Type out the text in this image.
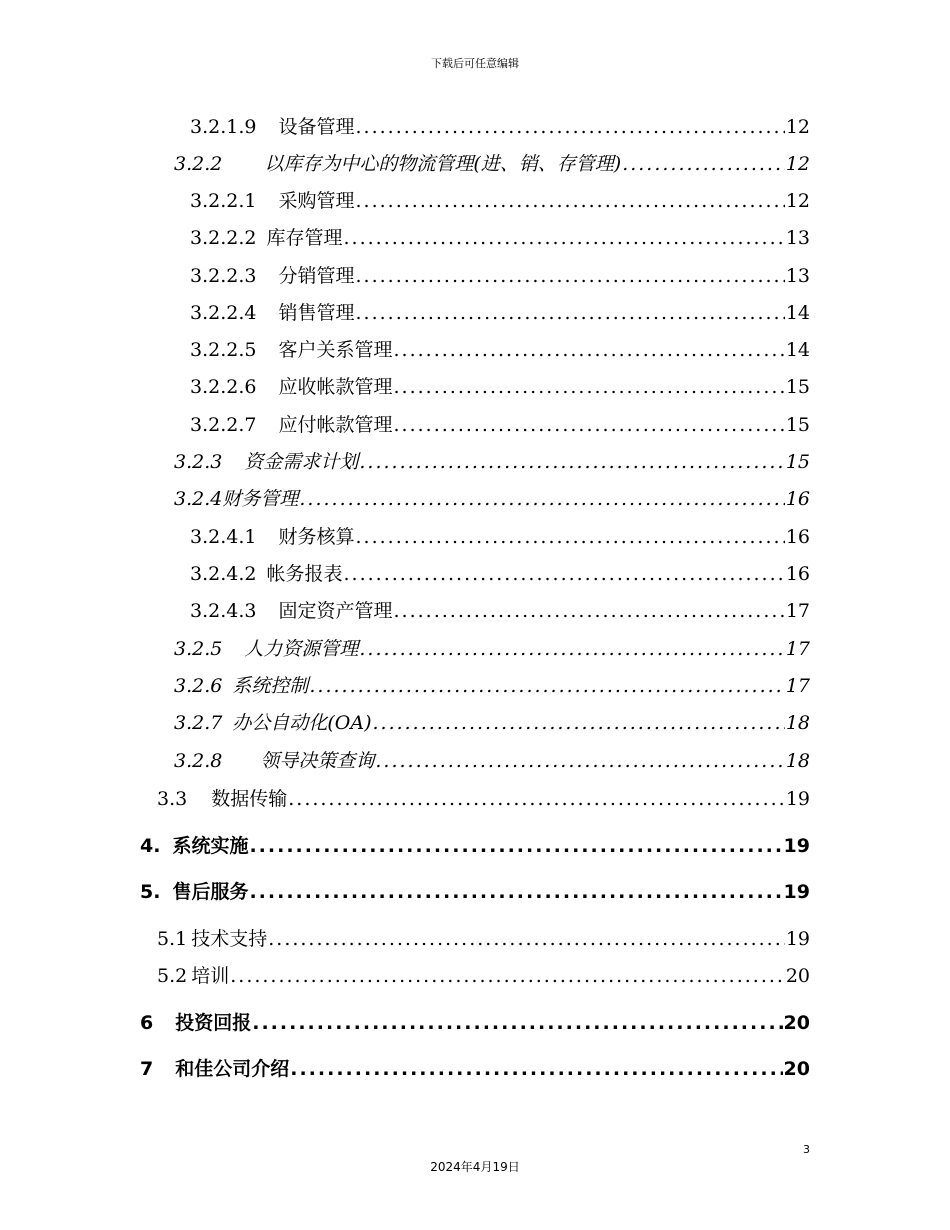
下载后可任意编辑
3.2.1.9 设备管理 .....	12
3.2.2 以库存为中心的物流管理(进、销、存管理) .....	12
3.2.2.1 采购管理 .....	12
3.2.2.2 库存管理 .....	13
3.2.2.3 分销管理 .....	13
3.2.2.4 销售管理 .....	14
3.2.2.5 客户关系管理 .....	14
3.2.2.6 应收帐款管理 .....	15
3.2.2.7 应付帐款管理 .....	15
3.2.3 资金需求计划 .....	15
3.2.4 财务管理 .....	16
3.2.4.1 财务核算 .....	16
3.2.4.2 帐务报表 .....	16
3.2.4.3 固定资产管理 .....	17
3.2.5 人力资源管理 .....	17
3.2.6 系统控制 .....	17
3.2.7 办公自动化(OA) .....	18
3.2.8 领导决策查询 .....	18
3.3 数据传输 .....	19
4. 系统实施 .....	19
5. 售后服务 .....	19
5.1 技术支持 .....	19
5.2 培训 .....	20
6 投资回报 .....	20
7 和佳公司介绍 .....	20
3
2024年4月19日
